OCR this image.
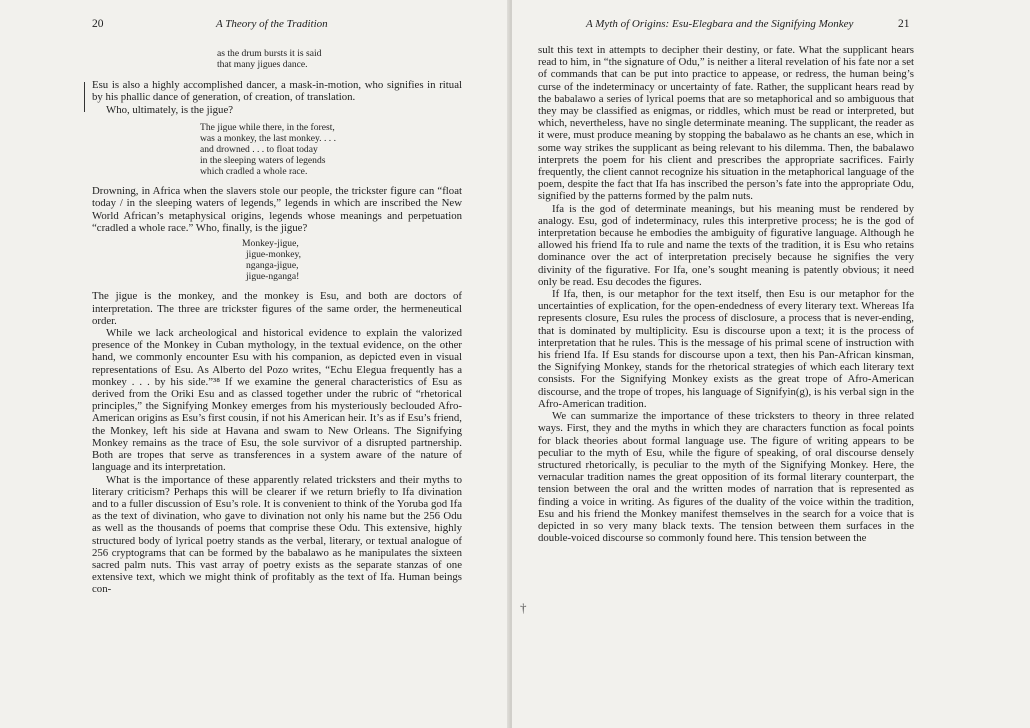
20	A Theory of the Tradition
as the drum bursts it is said
that many jigues dance.

Esu is also a highly accomplished dancer, a mask-in-motion, who signifies in ritual by his phallic dance of generation, of creation, of translation.

Who, ultimately, is the jigue?

The jigue while there, in the forest,
was a monkey, the last monkey. . . .
and drowned . . . to float today
in the sleeping waters of legends
which cradled a whole race.

Drowning, in Africa when the slavers stole our people, the trickster figure can “float today / in the sleeping waters of legends,” legends in which are inscribed the New World African’s metaphysical origins, legends whose meanings and perpetuation “cradled a whole race.” Who, finally, is the jigue?

Monkey-jigue,
jigue-monkey,
nganga-jigue,
jigue-nganga!

The jigue is the monkey, and the monkey is Esu, and both are doctors of interpretation. The three are trickster figures of the same order, the hermeneutical order.

While we lack archeological and historical evidence to explain the valorized presence of the Monkey in Cuban mythology, in the textual evidence, on the other hand, we commonly encounter Esu with his companion, as depicted even in visual representations of Esu. As Alberto del Pozo writes, “Echu Elegua frequently has a monkey . . . by his side.”³⁸ If we examine the general characteristics of Esu as derived from the Oriki Esu and as classed together under the rubric of “rhetorical principles,” the Signifying Monkey emerges from his mysteriously beclouded Afro-American origins as Esu’s first cousin, if not his American heir. It’s as if Esu’s friend, the Monkey, left his side at Havana and swam to New Orleans. The Signifying Monkey remains as the trace of Esu, the sole survivor of a disrupted partnership. Both are tropes that serve as transferences in a system aware of the nature of language and its interpretation.

What is the importance of these apparently related tricksters and their myths to literary criticism? Perhaps this will be clearer if we return briefly to Ifa divination and to a fuller discussion of Esu’s role. It is convenient to think of the Yoruba god Ifa as the text of divination, who gave to divination not only his name but the 256 Odu as well as the thousands of poems that comprise these Odu. This extensive, highly structured body of lyrical poetry stands as the verbal, literary, or textual analogue of 256 cryptograms that can be formed by the babalawo as he manipulates the sixteen sacred palm nuts. This vast array of poetry exists as the separate stanzas of one extensive text, which we might think of profitably as the text of Ifa. Human beings con-

A Myth of Origins: Esu-Elegbara and the Signifying Monkey	21

sult this text in attempts to decipher their destiny, or fate. What the supplicant hears read to him, in “the signature of Odu,” is neither a literal revelation of his fate nor a set of commands that can be put into practice to appease, or redress, the human being’s curse of the indeterminacy or uncertainty of fate. Rather, the supplicant hears read by the babalawo a series of lyrical poems that are so metaphorical and so ambiguous that they may be classified as enigmas, or riddles, which must be read or interpreted, but which, nevertheless, have no single determinate meaning. The supplicant, the reader as it were, must produce meaning by stopping the babalawo as he chants an ese, which in some way strikes the supplicant as being relevant to his dilemma. Then, the babalawo interprets the poem for his client and prescribes the appropriate sacrifices. Fairly frequently, the client cannot recognize his situation in the metaphorical language of the poem, despite the fact that Ifa has inscribed the person’s fate into the appropriate Odu, signified by the patterns formed by the palm nuts.

Ifa is the god of determinate meanings, but his meaning must be rendered by analogy. Esu, god of indeterminacy, rules this interpretive process; he is the god of interpretation because he embodies the ambiguity of figurative language. Although he allowed his friend Ifa to rule and name the texts of the tradition, it is Esu who retains dominance over the act of interpretation precisely because he signifies the very divinity of the figurative. For Ifa, one’s sought meaning is patently obvious; it need only be read. Esu decodes the figures.

If Ifa, then, is our metaphor for the text itself, then Esu is our metaphor for the uncertainties of explication, for the open-endedness of every literary text. Whereas Ifa represents closure, Esu rules the process of disclosure, a process that is never-ending, that is dominated by multiplicity. Esu is discourse upon a text; it is the process of interpretation that he rules. This is the message of his primal scene of instruction with his friend Ifa. If Esu stands for discourse upon a text, then his Pan-African kinsman, the Signifying Monkey, stands for the rhetorical strategies of which each literary text consists. For the Signifying Monkey exists as the great trope of Afro-American discourse, and the trope of tropes, his language of Signifyin(g), is his verbal sign in the Afro-American tradition.

We can summarize the importance of these tricksters to theory in three related ways. First, they and the myths in which they are characters function as focal points for black theories about formal language use. The figure of writing appears to be peculiar to the myth of Esu, while the figure of speaking, of oral discourse densely structured rhetorically, is peculiar to the myth of the Signifying Monkey. Here, the vernacular tradition names the great opposition of its formal literary counterpart, the tension between the oral and the written modes of narration that is represented as finding a voice in writing. As figures of the duality of the voice within the tradition, Esu and his friend the Monkey manifest themselves in the search for a voice that is depicted in so very many black texts. The tension between them surfaces in the double-voiced discourse so commonly found here. This tension between the

†
